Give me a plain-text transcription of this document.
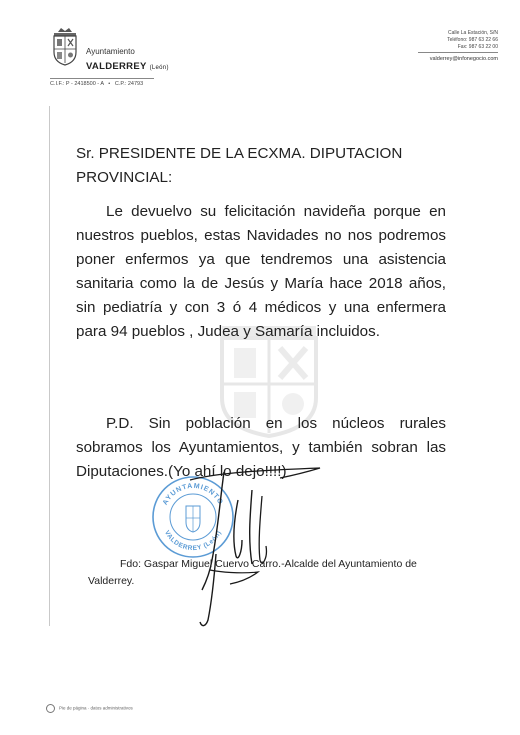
Ayuntamiento
VALDERREY (León)
C.I.F.: P - 2418500 - A   •   C.P.: 24793
Calle La Estación, S/N
Teléfono: 987 63 22 66
Fax: 987 63 22 00
valderrey@infonegocio.com
Sr. PRESIDENTE DE LA ECXMA. DIPUTACION PROVINCIAL:
Le devuelvo su felicitación navideña porque en nuestros pueblos, estas Navidades no nos podremos poner enfermos ya que tendremos una asistencia sanitaria como la de Jesús y María hace 2018 años, sin pediatría y con 3 ó 4 médicos y una enfermera para 94 pueblos , Judea y Samaría incluidos.
P.D. Sin población en los núcleos rurales sobramos los Ayuntamientos, y también sobran las Diputaciones.(Yo ahí lo dejo!!!!)
AYUNTAMIENTO
VALDERREY (León)
Fdo: Gaspar Miguel Cuervo Carro.-Alcalde del Ayuntamiento de
Valderrey.
Pie de página · datos administrativos
